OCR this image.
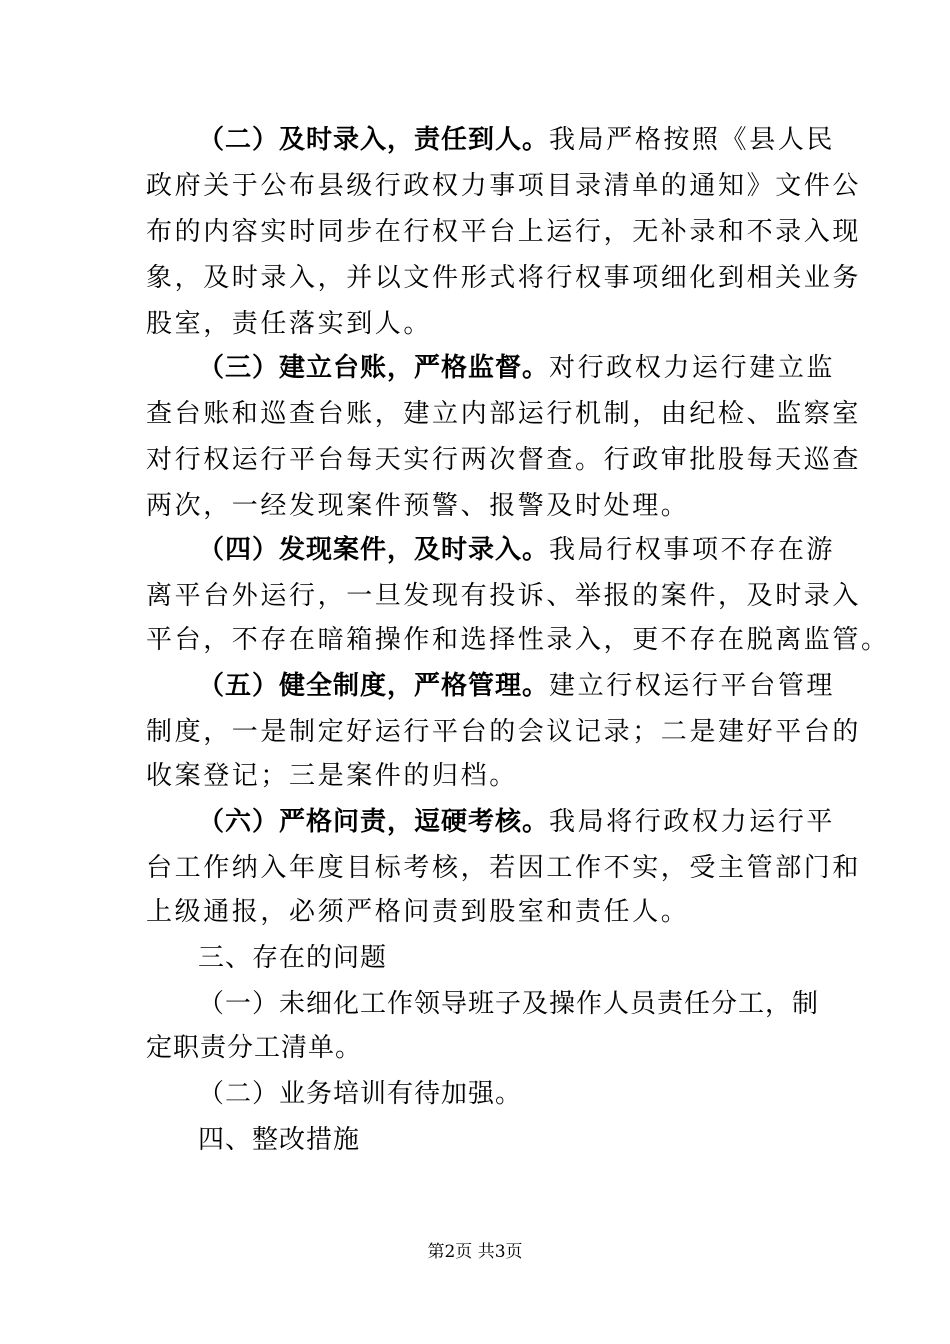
（二）及时录入，责任到人。我局严格按照《县人民
政府关于公布县级行政权力事项目录清单的通知》文件公
布的内容实时同步在行权平台上运行，无补录和不录入现
象，及时录入，并以文件形式将行权事项细化到相关业务
股室，责任落实到人。
（三）建立台账，严格监督。对行政权力运行建立监
查台账和巡查台账，建立内部运行机制，由纪检、监察室
对行权运行平台每天实行两次督查。行政审批股每天巡查
两次，一经发现案件预警、报警及时处理。
（四）发现案件，及时录入。我局行权事项不存在游
离平台外运行，一旦发现有投诉、举报的案件，及时录入
平台，不存在暗箱操作和选择性录入，更不存在脱离监管。
（五）健全制度，严格管理。建立行权运行平台管理
制度，一是制定好运行平台的会议记录；二是建好平台的
收案登记；三是案件的归档。
（六）严格问责，逗硬考核。我局将行政权力运行平
台工作纳入年度目标考核，若因工作不实，受主管部门和
上级通报，必须严格问责到股室和责任人。
三、存在的问题
（一）未细化工作领导班子及操作人员责任分工，制
定职责分工清单。
（二）业务培训有待加强。
四、整改措施
第2页 共3页
